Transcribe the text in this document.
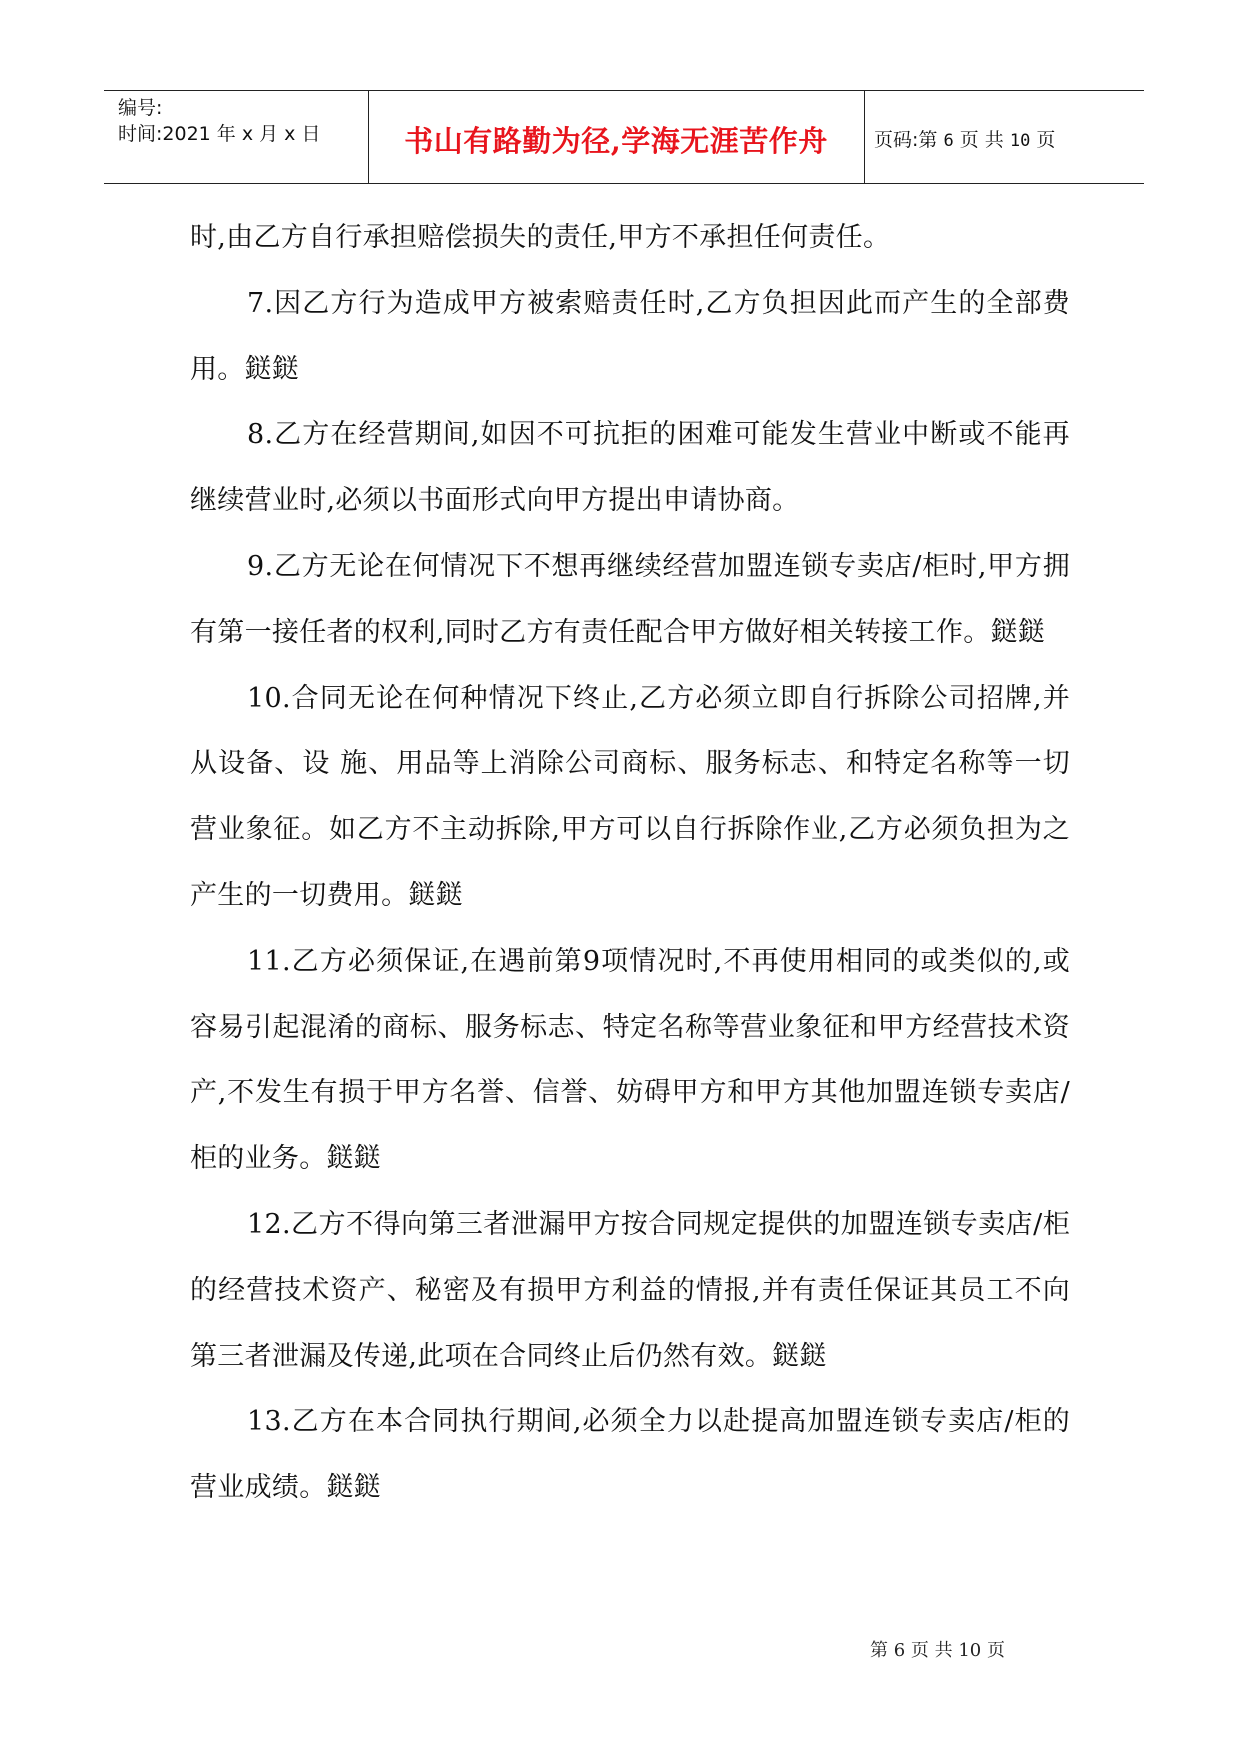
编号:
时间:2021 年 x 月 x 日	书山有路勤为径,学海无涯苦作舟	页码:第 6 页 共 10 页

时,由乙方自行承担赔偿损失的责任,甲方不承担任何责任。

7.因乙方行为造成甲方被索赔责任时,乙方负担因此而产生的全部费用。鎹鎹

8.乙方在经营期间,如因不可抗拒的困难可能发生营业中断或不能再继续营业时,必须以书面形式向甲方提出申请协商。

9.乙方无论在何情况下不想再继续经营加盟连锁专卖店/柜时,甲方拥有第一接任者的权利,同时乙方有责任配合甲方做好相关转接工作。鎹鎹

10.合同无论在何种情况下终止,乙方必须立即自行拆除公司招牌,并从设备、设 施、用品等上消除公司商标、服务标志、和特定名称等一切营业象征。如乙方不主动拆除,甲方可以自行拆除作业,乙方必须负担为之产生的一切费用。鎹鎹

11.乙方必须保证,在遇前第9项情况时,不再使用相同的或类似的,或容易引起混淆的商标、服务标志、特定名称等营业象征和甲方经营技术资产,不发生有损于甲方名誉、信誉、妨碍甲方和甲方其他加盟连锁专卖店/柜的业务。鎹鎹

12.乙方不得向第三者泄漏甲方按合同规定提供的加盟连锁专卖店/柜的经营技术资产、秘密及有损甲方利益的情报,并有责任保证其员工不向第三者泄漏及传递,此项在合同终止后仍然有效。鎹鎹

13.乙方在本合同执行期间,必须全力以赴提高加盟连锁专卖店/柜的营业成绩。鎹鎹

第 6 页 共 10 页
